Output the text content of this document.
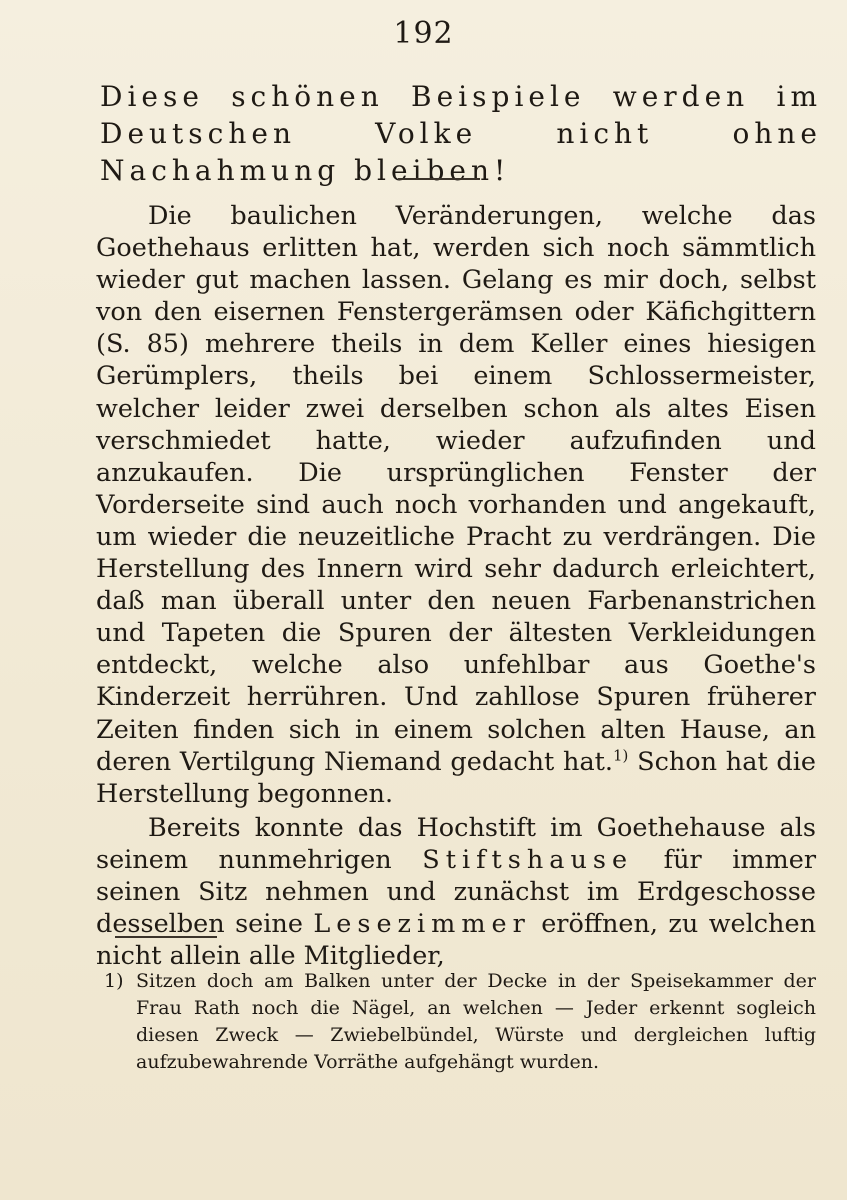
192
Diese schönen Beispiele werden im Deutschen Volke nicht ohne Nachahmung bleiben!

Die baulichen Veränderungen, welche das Goethehaus erlitten hat, werden sich noch sämmtlich wieder gut machen lassen. Gelang es mir doch, selbst von den eisernen Fenstergerämsen oder Käfichgittern (S. 85) mehrere theils in dem Keller eines hiesigen Gerümplers, theils bei einem Schlossermeister, welcher leider zwei derselben schon als altes Eisen verschmiedet hatte, wieder aufzufinden und anzukaufen. Die ursprünglichen Fenster der Vorderseite sind auch noch vorhanden und angekauft, um wieder die neuzeitliche Pracht zu verdrängen. Die Herstellung des Innern wird sehr dadurch erleichtert, daß man überall unter den neuen Farbenanstrichen und Tapeten die Spuren der ältesten Verkleidungen entdeckt, welche also unfehlbar aus Goethe's Kinderzeit herrühren. Und zahllose Spuren früherer Zeiten finden sich in einem solchen alten Hause, an deren Vertilgung Niemand gedacht hat.$^{1)}$ Schon hat die Herstellung begonnen.

Bereits konnte das Hochstift im Goethehause als seinem nunmehrigen Stiftshause für immer seinen Sitz nehmen und zunächst im Erdgeschosse desselben seine Lesezimmer eröffnen, zu welchen nicht allein alle Mitglieder,

1) Sitzen doch am Balken unter der Decke in der Speisekammer der Frau Rath noch die Nägel, an welchen — Jeder erkennt sogleich diesen Zweck — Zwiebelbündel, Würste und dergleichen luftig aufzubewahrende Vorräthe aufgehängt wurden.
